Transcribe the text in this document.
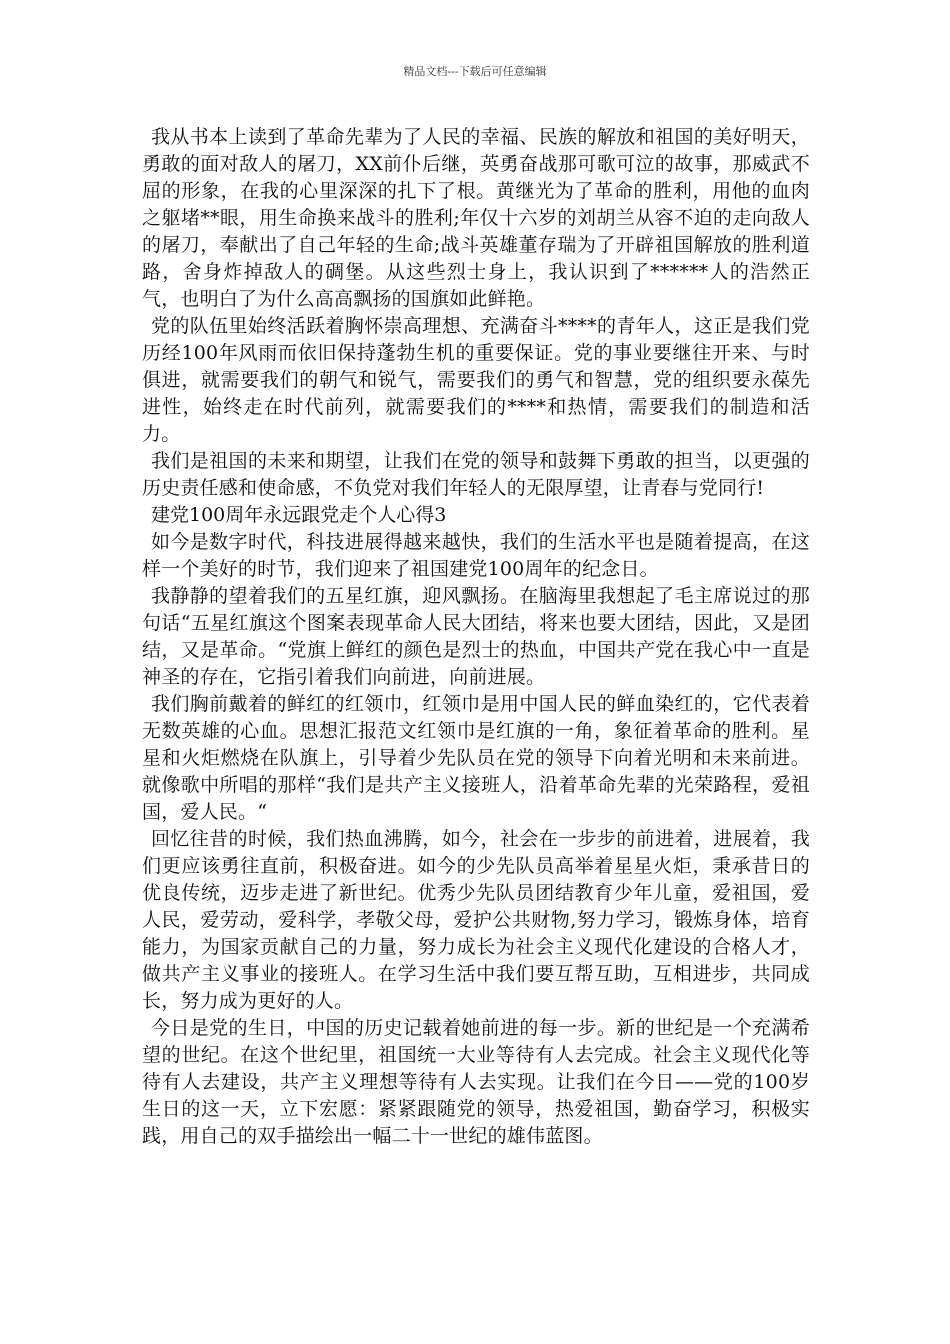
精品文档---下载后可任意编辑

我从书本上读到了革命先辈为了人民的幸福、民族的解放和祖国的美好明天，勇敢的面对敌人的屠刀，XX前仆后继，英勇奋战那可歌可泣的故事，那威武不屈的形象，在我的心里深深的扎下了根。黄继光为了革命的胜利，用他的血肉之躯堵**眼，用生命换来战斗的胜利;年仅十六岁的刘胡兰从容不迫的走向敌人的屠刀，奉献出了自己年轻的生命;战斗英雄董存瑞为了开辟祖国解放的胜利道路，舍身炸掉敌人的碉堡。从这些烈士身上，我认识到了******人的浩然正气，也明白了为什么高高飘扬的国旗如此鲜艳。

党的队伍里始终活跃着胸怀崇高理想、充满奋斗****的青年人，这正是我们党历经100年风雨而依旧保持蓬勃生机的重要保证。党的事业要继往开来、与时俱进，就需要我们的朝气和锐气，需要我们的勇气和智慧，党的组织要永葆先进性，始终走在时代前列，就需要我们的****和热情，需要我们的制造和活力。

我们是祖国的未来和期望，让我们在党的领导和鼓舞下勇敢的担当，以更强的历史责任感和使命感，不负党对我们年轻人的无限厚望，让青春与党同行!

建党100周年永远跟党走个人心得3

如今是数字时代，科技进展得越来越快，我们的生活水平也是随着提高，在这样一个美好的时节，我们迎来了祖国建党100周年的纪念日。

我静静的望着我们的五星红旗，迎风飘扬。在脑海里我想起了毛主席说过的那句话“五星红旗这个图案表现革命人民大团结，将来也要大团结，因此，又是团结，又是革命。“党旗上鲜红的颜色是烈士的热血，中国共产党在我心中一直是神圣的存在，它指引着我们向前进，向前进展。

我们胸前戴着的鲜红的红领巾，红领巾是用中国人民的鲜血染红的，它代表着无数英雄的心血。思想汇报范文红领巾是红旗的一角，象征着革命的胜利。星星和火炬燃烧在队旗上，引导着少先队员在党的领导下向着光明和未来前进。就像歌中所唱的那样“我们是共产主义接班人，沿着革命先辈的光荣路程，爱祖国，爱人民。“

回忆往昔的时候，我们热血沸腾，如今，社会在一步步的前进着，进展着，我们更应该勇往直前，积极奋进。如今的少先队员高举着星星火炬，秉承昔日的优良传统，迈步走进了新世纪。优秀少先队员团结教育少年儿童，爱祖国，爱人民，爱劳动，爱科学，孝敬父母，爱护公共财物,努力学习，锻炼身体，培育能力，为国家贡献自己的力量，努力成长为社会主义现代化建设的合格人才，做共产主义事业的接班人。在学习生活中我们要互帮互助，互相进步，共同成长，努力成为更好的人。

今日是党的生日，中国的历史记载着她前进的每一步。新的世纪是一个充满希望的世纪。在这个世纪里，祖国统一大业等待有人去完成。社会主义现代化等待有人去建设，共产主义理想等待有人去实现。让我们在今日——党的100岁生日的这一天，立下宏愿：紧紧跟随党的领导，热爱祖国，勤奋学习，积极实践，用自己的双手描绘出一幅二十一世纪的雄伟蓝图。
